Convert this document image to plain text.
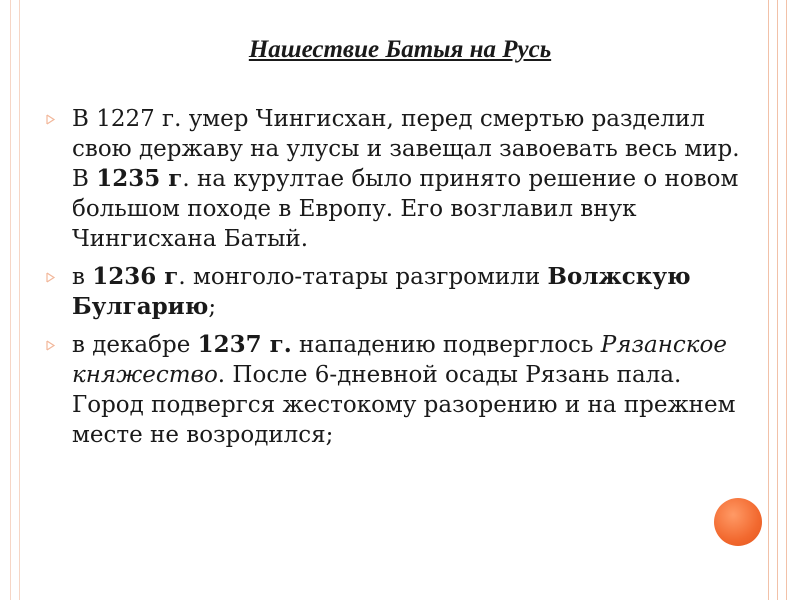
Нашествие Батыя на Русь
В 1227 г. умер Чингисхан, перед смертью разделил свою державу на улусы и завещал завоевать весь мир. В 1235 г. на курултае было принято решение о новом большом походе в Европу. Его возглавил внук Чингисхана Батый.
в 1236 г. монголо-татары разгромили Волжскую Булгарию;
в декабре 1237 г. нападению подверглось Рязанское княжество. После 6-дневной осады Рязань пала. Город подвергся жестокому разорению и на прежнем месте не возродился;
